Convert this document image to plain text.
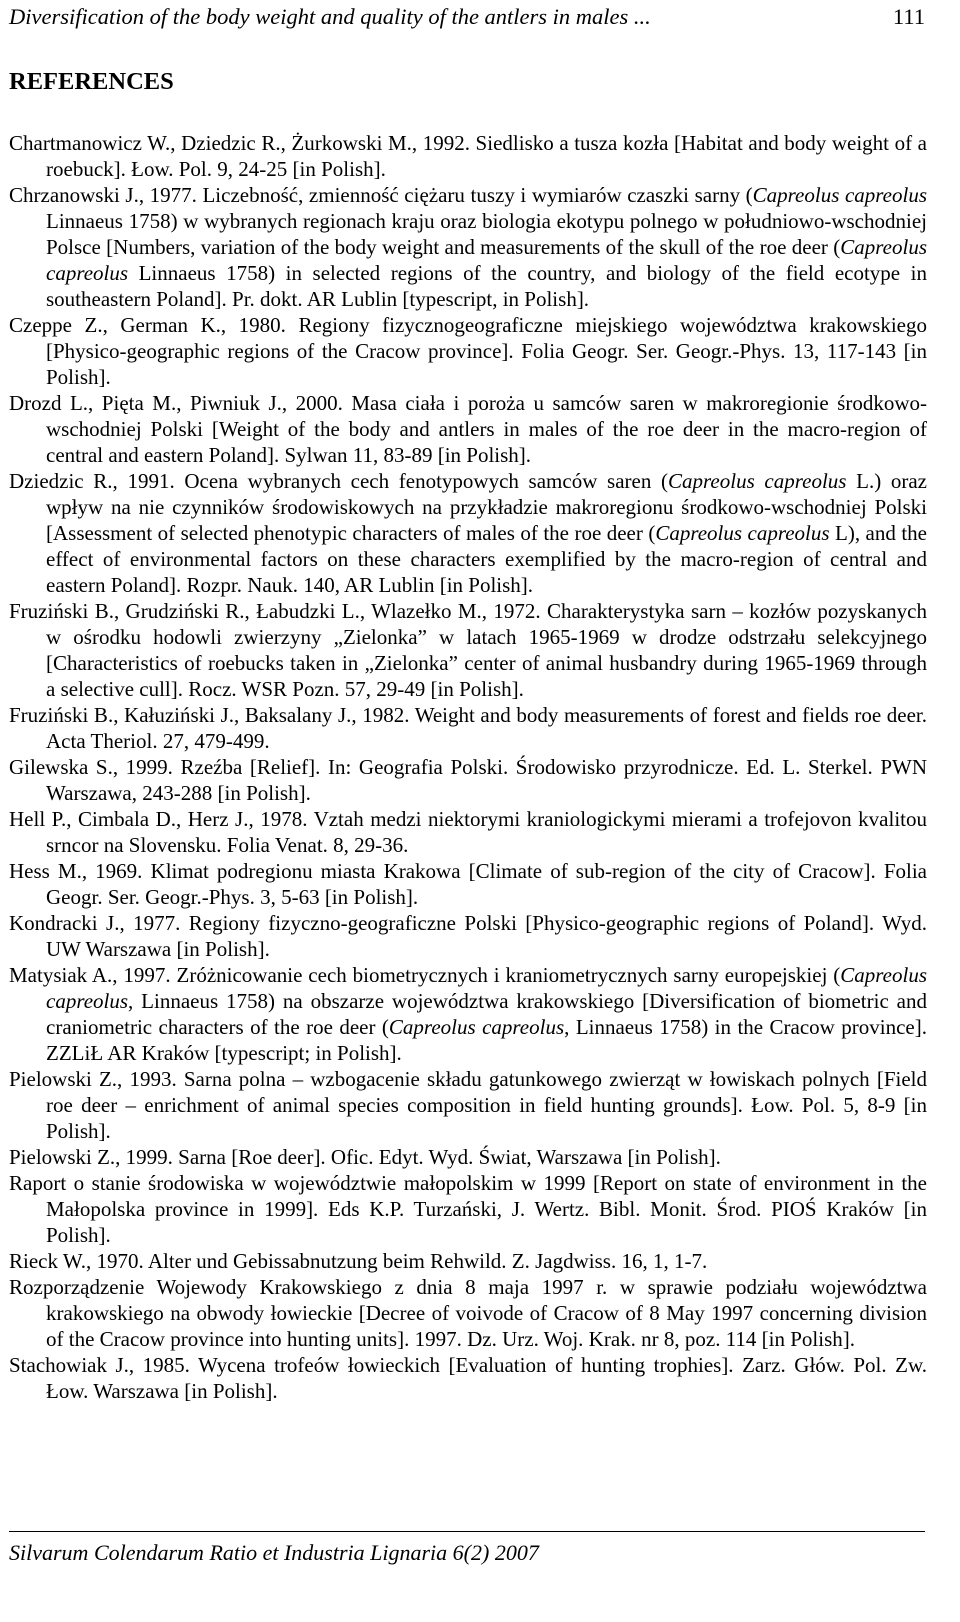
Diversification of the body weight and quality of the antlers in males ...	111
REFERENCES
Chartmanowicz W., Dziedzic R., Żurkowski M., 1992. Siedlisko a tusza kozła [Habitat and body weight of a roebuck]. Łow. Pol. 9, 24-25 [in Polish].
Chrzanowski J., 1977. Liczebność, zmienność ciężaru tuszy i wymiarów czaszki sarny (Capreolus capreolus Linnaeus 1758) w wybranych regionach kraju oraz biologia ekotypu polnego w południowo-wschodniej Polsce [Numbers, variation of the body weight and measurements of the skull of the roe deer (Capreolus capreolus Linnaeus 1758) in selected regions of the country, and biology of the field ecotype in southeastern Poland]. Pr. dokt. AR Lublin [typescript, in Polish].
Czeppe Z., German K., 1980. Regiony fizycznogeograficzne miejskiego województwa krakowskiego [Physico-geographic regions of the Cracow province]. Folia Geogr. Ser. Geogr.-Phys. 13, 117-143 [in Polish].
Drozd L., Pięta M., Piwniuk J., 2000. Masa ciała i poroża u samców saren w makroregionie środkowo-wschodniej Polski [Weight of the body and antlers in males of the roe deer in the macro-region of central and eastern Poland]. Sylwan 11, 83-89 [in Polish].
Dziedzic R., 1991. Ocena wybranych cech fenotypowych samców saren (Capreolus capreolus L.) oraz wpływ na nie czynników środowiskowych na przykładzie makroregionu środkowo-wschodniej Polski [Assessment of selected phenotypic characters of males of the roe deer (Capreolus capreolus L), and the effect of environmental factors on these characters exemplified by the macro-region of central and eastern Poland]. Rozpr. Nauk. 140, AR Lublin [in Polish].
Fruziński B., Grudziński R., Łabudzki L., Wlazełko M., 1972. Charakterystyka sarn – kozłów pozyskanych w ośrodku hodowli zwierzyny „Zielonka” w latach 1965-1969 w drodze odstrzału selekcyjnego [Characteristics of roebucks taken in „Zielonka” center of animal husbandry during 1965-1969 through a selective cull]. Rocz. WSR Pozn. 57, 29-49 [in Polish].
Fruziński B., Kałuziński J., Baksalany J., 1982. Weight and body measurements of forest and fields roe deer. Acta Theriol. 27, 479-499.
Gilewska S., 1999. Rzeźba [Relief]. In: Geografia Polski. Środowisko przyrodnicze. Ed. L. Sterkel. PWN Warszawa, 243-288 [in Polish].
Hell P., Cimbala D., Herz J., 1978. Vztah medzi niektorymi kraniologickymi mierami a trofejovon kvalitou srncor na Slovensku. Folia Venat. 8, 29-36.
Hess M., 1969. Klimat podregionu miasta Krakowa [Climate of sub-region of the city of Cracow]. Folia Geogr. Ser. Geogr.-Phys. 3, 5-63 [in Polish].
Kondracki J., 1977. Regiony fizyczno-geograficzne Polski [Physico-geographic regions of Poland]. Wyd. UW Warszawa [in Polish].
Matysiak A., 1997. Zróżnicowanie cech biometrycznych i kraniometrycznych sarny europejskiej (Capreolus capreolus, Linnaeus 1758) na obszarze województwa krakowskiego [Diversification of biometric and craniometric characters of the roe deer (Capreolus capreolus, Linnaeus 1758) in the Cracow province]. ZZLiŁ AR Kraków [typescript; in Polish].
Pielowski Z., 1993. Sarna polna – wzbogacenie składu gatunkowego zwierząt w łowiskach polnych [Field roe deer – enrichment of animal species composition in field hunting grounds]. Łow. Pol. 5, 8-9 [in Polish].
Pielowski Z., 1999. Sarna [Roe deer]. Ofic. Edyt. Wyd. Świat, Warszawa [in Polish].
Raport o stanie środowiska w województwie małopolskim w 1999 [Report on state of environment in the Małopolska province in 1999]. Eds K.P. Turzański, J. Wertz. Bibl. Monit. Środ. PIOŚ Kraków [in Polish].
Rieck W., 1970. Alter und Gebissabnutzung beim Rehwild. Z. Jagdwiss. 16, 1, 1-7.
Rozporządzenie Wojewody Krakowskiego z dnia 8 maja 1997 r. w sprawie podziału województwa krakowskiego na obwody łowieckie [Decree of voivode of Cracow of 8 May 1997 concerning division of the Cracow province into hunting units]. 1997. Dz. Urz. Woj. Krak. nr 8, poz. 114 [in Polish].
Stachowiak J., 1985. Wycena trofeów łowieckich [Evaluation of hunting trophies]. Zarz. Głów. Pol. Zw. Łow. Warszawa [in Polish].
Silvarum Colendarum Ratio et Industria Lignaria 6(2) 2007
